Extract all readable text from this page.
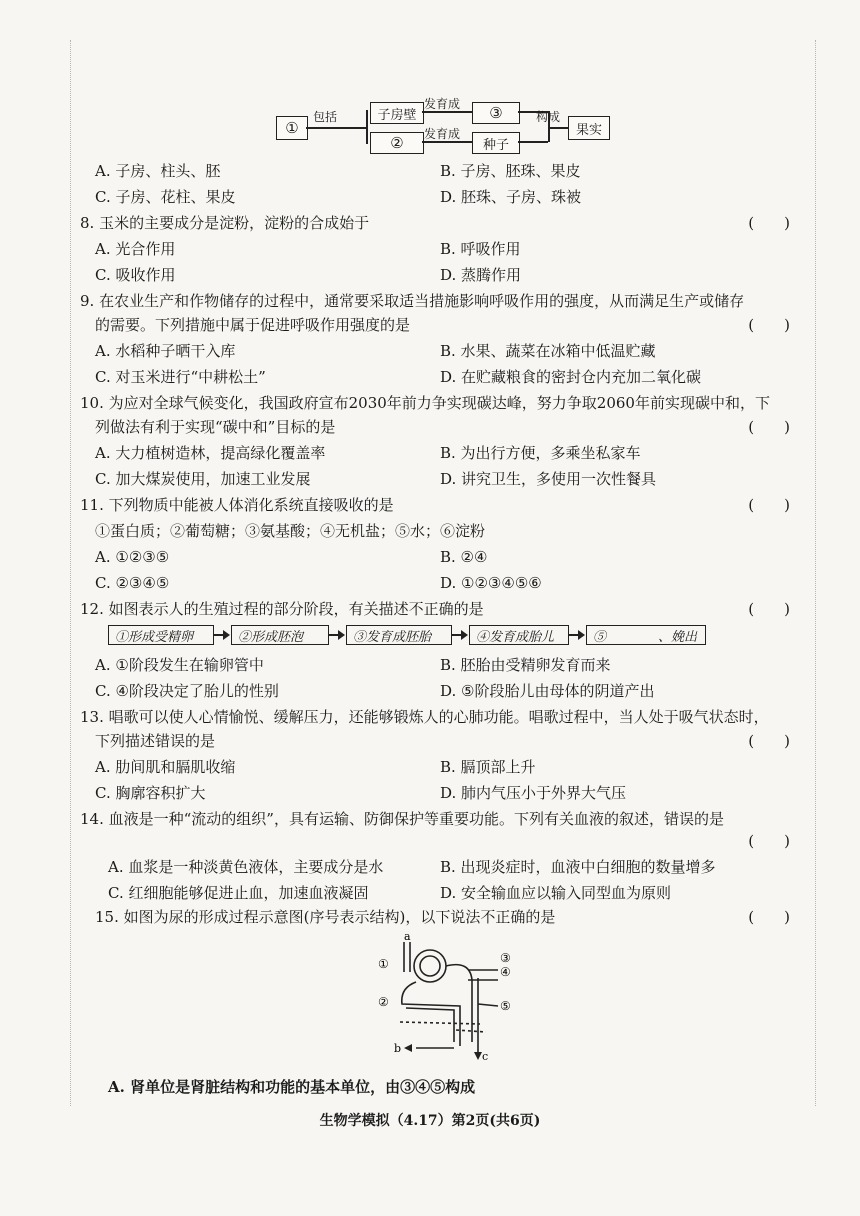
①
包括	子房壁
②
发育成
发育成
③
种子
构成
果实
A. 子房、柱头、胚	B. 子房、胚珠、果皮
C. 子房、花柱、果皮	D. 胚珠、子房、珠被
8. 玉米的主要成分是淀粉，淀粉的合成始于	(　　)
A. 光合作用	B. 呼吸作用
C. 吸收作用	D. 蒸腾作用
9. 在农业生产和作物储存的过程中，通常要采取适当措施影响呼吸作用的强度，从而满足生产或储存
的需要。下列措施中属于促进呼吸作用强度的是	(　　)
A. 水稻种子晒干入库	B. 水果、蔬菜在冰箱中低温贮藏
C. 对玉米进行“中耕松土”	D. 在贮藏粮食的密封仓内充加二氧化碳
10. 为应对全球气候变化，我国政府宣布2030年前力争实现碳达峰，努力争取2060年前实现碳中和，下
列做法有利于实现“碳中和”目标的是	(　　)
A. 大力植树造林，提高绿化覆盖率	B. 为出行方便，多乘坐私家车
C. 加大煤炭使用，加速工业发展	D. 讲究卫生，多使用一次性餐具
11. 下列物质中能被人体消化系统直接吸收的是	(　　)
①蛋白质；②葡萄糖；③氨基酸；④无机盐；⑤水；⑥淀粉
A. ①②③⑤	B. ②④
C. ②③④⑤	D. ①②③④⑤⑥
12. 如图表示人的生殖过程的部分阶段，有关描述不正确的是	(　　)
①形成受精卵	②形成胚泡	③发育成胚胎	④发育成胎儿	⑤　　　　、娩出
A. ①阶段发生在输卵管中	B. 胚胎由受精卵发育而来
C. ④阶段决定了胎儿的性别	D. ⑤阶段胎儿由母体的阴道产出
13. 唱歌可以使人心情愉悦、缓解压力，还能够锻炼人的心肺功能。唱歌过程中，当人处于吸气状态时，
下列描述错误的是	(　　)
A. 肋间肌和膈肌收缩	B. 膈顶部上升
C. 胸廓容积扩大	D. 肺内气压小于外界大气压
14. 血液是一种“流动的组织”，具有运输、防御保护等重要功能。下列有关血液的叙述，错误的是
(　　)
A. 血浆是一种淡黄色液体，主要成分是水	B. 出现炎症时，血液中白细胞的数量增多
C. 红细胞能够促进止血，加速血液凝固	D. 安全输血应以输入同型血为原则
15. 如图为尿的形成过程示意图(序号表示结构)，以下说法不正确的是	(　　)
a
①
②
③
④
⑤
b
c
A. 肾单位是肾脏结构和功能的基本单位，由③④⑤构成
生物学模拟（4.17）第2页(共6页)
